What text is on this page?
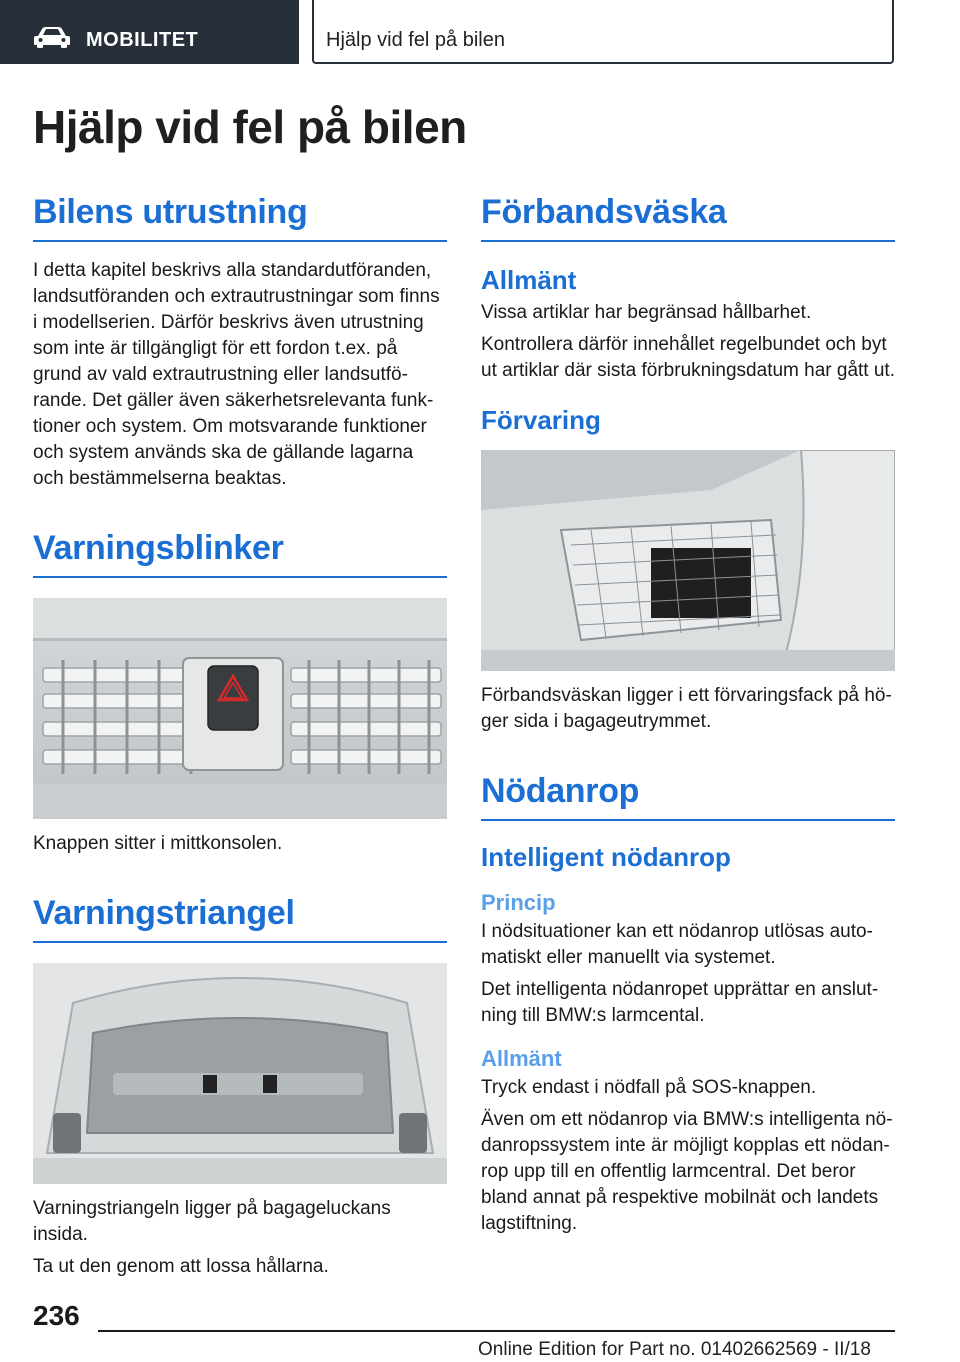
MOBILITET	Hjälp vid fel på bilen
Hjälp vid fel på bilen
Bilens utrustning

I detta kapitel beskrivs alla standardutföranden, landsutföranden och extrautrustningar som finns i modellserien. Därför beskrivs även utrustning som inte är tillgängligt för ett fordon t.ex. på grund av vald extrautrustning eller landsutfö‐rande. Det gäller även säkerhetsrelevanta funk‐tioner och system. Om motsvarande funktioner och system används ska de gällande lagarna och bestämmelserna beaktas.

Varningsblinker

Knappen sitter i mittkonsolen.

Varningstriangel

Varningstriangeln ligger på bagageluckans insida.

Ta ut den genom att lossa hållarna.

Förbandsväska
Allmänt

Vissa artiklar har begränsad hållbarhet.

Kontrollera därför innehållet regelbundet och byt ut artiklar där sista förbrukningsdatum har gått ut.

Förvaring

Förbandsväskan ligger i ett förvaringsfack på hö‐ger sida i bagageutrymmet.

Nödanrop
Intelligent nödanrop
Princip

I nödsituationer kan ett nödanrop utlösas auto‐matiskt eller manuellt via systemet.

Det intelligenta nödanropet upprättar en anslut‐ning till BMW:s larmcental.

Allmänt

Tryck endast i nödfall på SOS-knappen.

Även om ett nödanrop via BMW:s intelligenta nö‐danropssystem inte är möjligt kopplas ett nödan‐rop upp till en offentlig larmcentral. Det beror bland annat på respektive mobilnät och landets lagstiftning.

236
Online Edition for Part no. 01402662569 - II/18
